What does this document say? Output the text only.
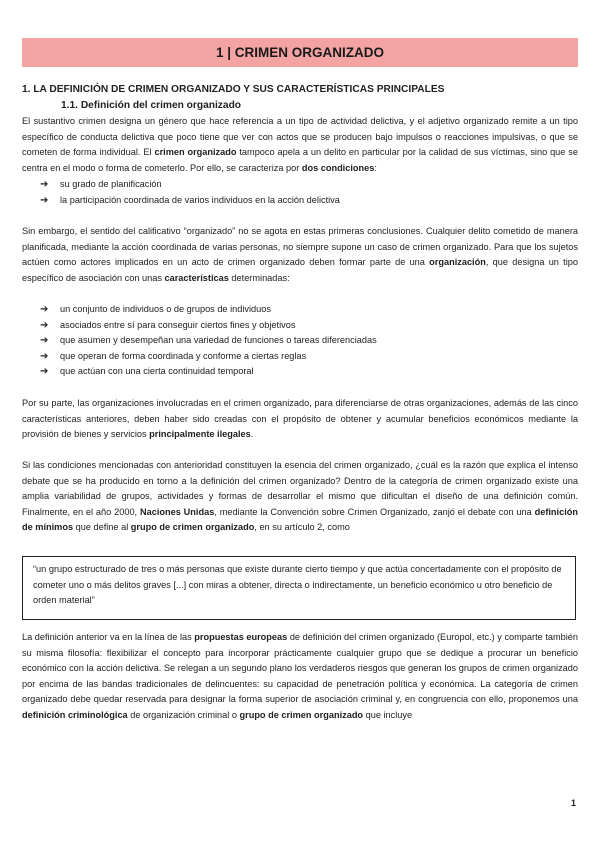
1 | CRIMEN ORGANIZADO
1. LA DEFINICIÓN DE CRIMEN ORGANIZADO Y SUS CARACTERÍSTICAS PRINCIPALES
1.1. Definición del crimen organizado
El sustantivo crimen designa un género que hace referencia a un tipo de actividad delictiva, y el adjetivo organizado remite a un tipo específico de conducta delictiva que poco tiene que ver con actos que se producen bajo impulsos o reacciones impulsivas, o que se cometen de forma individual. El crimen organizado tampoco apela a un delito en particular por la calidad de sus víctimas, sino que se centra en el modo o forma de cometerlo. Por ello, se caracteriza por dos condiciones:
➔	su grado de planificación
➔	la participación coordinada de varios individuos en la acción delictiva
Sin embargo, el sentido del calificativo “organizado” no se agota en estas primeras conclusiones. Cualquier delito cometido de manera planificada, mediante la acción coordinada de varias personas, no siempre supone un caso de crimen organizado. Para que los sujetos actúen como actores implicados en un acto de crimen organizado deben formar parte de una organización, que designa un tipo específico de asociación con unas características determinadas:
➔	un conjunto de individuos o de grupos de individuos
➔	asociados entre sí para conseguir ciertos fines y objetivos
➔	que asumen y desempeñan una variedad de funciones o tareas diferenciadas
➔	que operan de forma coordinada y conforme a ciertas reglas
➔	que actúan con una cierta continuidad temporal
Por su parte, las organizaciones involucradas en el crimen organizado, para diferenciarse de otras organizaciones, además de las cinco características anteriores, deben haber sido creadas con el propósito de obtener y acumular beneficios económicos mediante la provisión de bienes y servicios principalmente ilegales.
Si las condiciones mencionadas con anterioridad constituyen la esencia del crimen organizado, ¿cuál es la razón que explica el intenso debate que se ha producido en torno a la definición del crimen organizado? Dentro de la categoría de crimen organizado existe una amplia variabilidad de grupos, actividades y formas de desarrollar el mismo que dificultan el diseño de una definición común. Finalmente, en el año 2000, Naciones Unidas, mediante la Convención sobre Crimen Organizado, zanjó el debate con una definición de mínimos que define al grupo de crimen organizado, en su artículo 2, como
“un grupo estructurado de tres o más personas que existe durante cierto tiempo y que actúa concertadamente con el propósito de cometer uno o más delitos graves [...] con miras a obtener, directa o indirectamente, un beneficio económico u otro beneficio de orden material”
La definición anterior va en la línea de las propuestas europeas de definición del crimen organizado (Europol, etc.) y comparte también su misma filosofía: flexibilizar el concepto para incorporar prácticamente cualquier grupo que se dedique a procurar un beneficio económico con la acción delictiva. Se relegan a un segundo plano los verdaderos riesgos que generan los grupos de crimen organizado por encima de las bandas tradicionales de delincuentes: su capacidad de penetración política y económica. La categoría de crimen organizado debe quedar reservada para designar la forma superior de asociación criminal y, en congruencia con ello, proponemos una definición criminológica de organización criminal o grupo de crimen organizado que incluye
1
